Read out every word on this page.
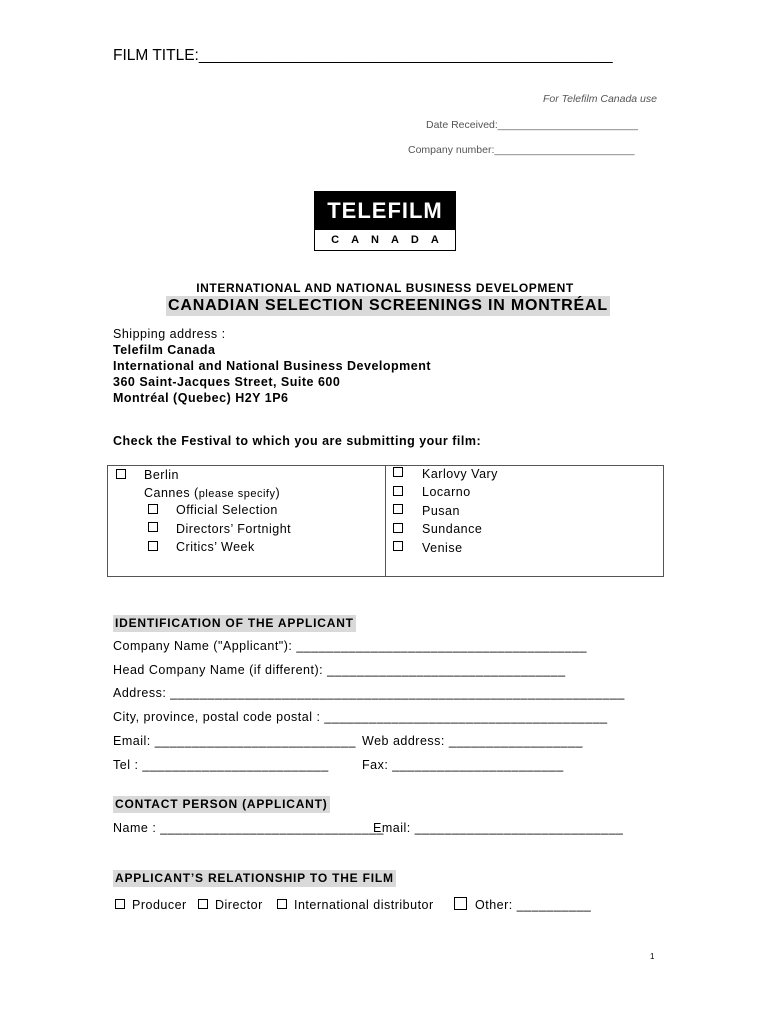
FILM TITLE:________________________________________________
For Telefilm Canada use
Date Received:________________________
Company number:________________________
TELEFILM
CANADA
INTERNATIONAL AND NATIONAL BUSINESS DEVELOPMENT
CANADIAN SELECTION SCREENINGS IN MONTRÉAL
Shipping address :
Telefilm Canada
International and National Business Development
360 Saint-Jacques Street, Suite 600
Montréal (Quebec) H2Y 1P6
Check the Festival to which you are submitting your film:
Berlin
Cannes (please specify)
Official Selection
Directors’ Fortnight
Critics’ Week
Karlovy Vary
Locarno
Pusan
Sundance
Venise
IDENTIFICATION OF THE APPLICANT
Company Name ("Applicant"): _______________________________________
Head Company Name (if different): ________________________________
Address: _____________________________________________________________
City, province, postal code postal : ______________________________________
Email: ___________________________ Web address: __________________
Tel : _________________________	Fax: _______________________
CONTACT PERSON (APPLICANT)
Name : ______________________________
Email: ____________________________
APPLICANT’S RELATIONSHIP TO THE FILM
Producer Director International distributor	Other: __________
1
